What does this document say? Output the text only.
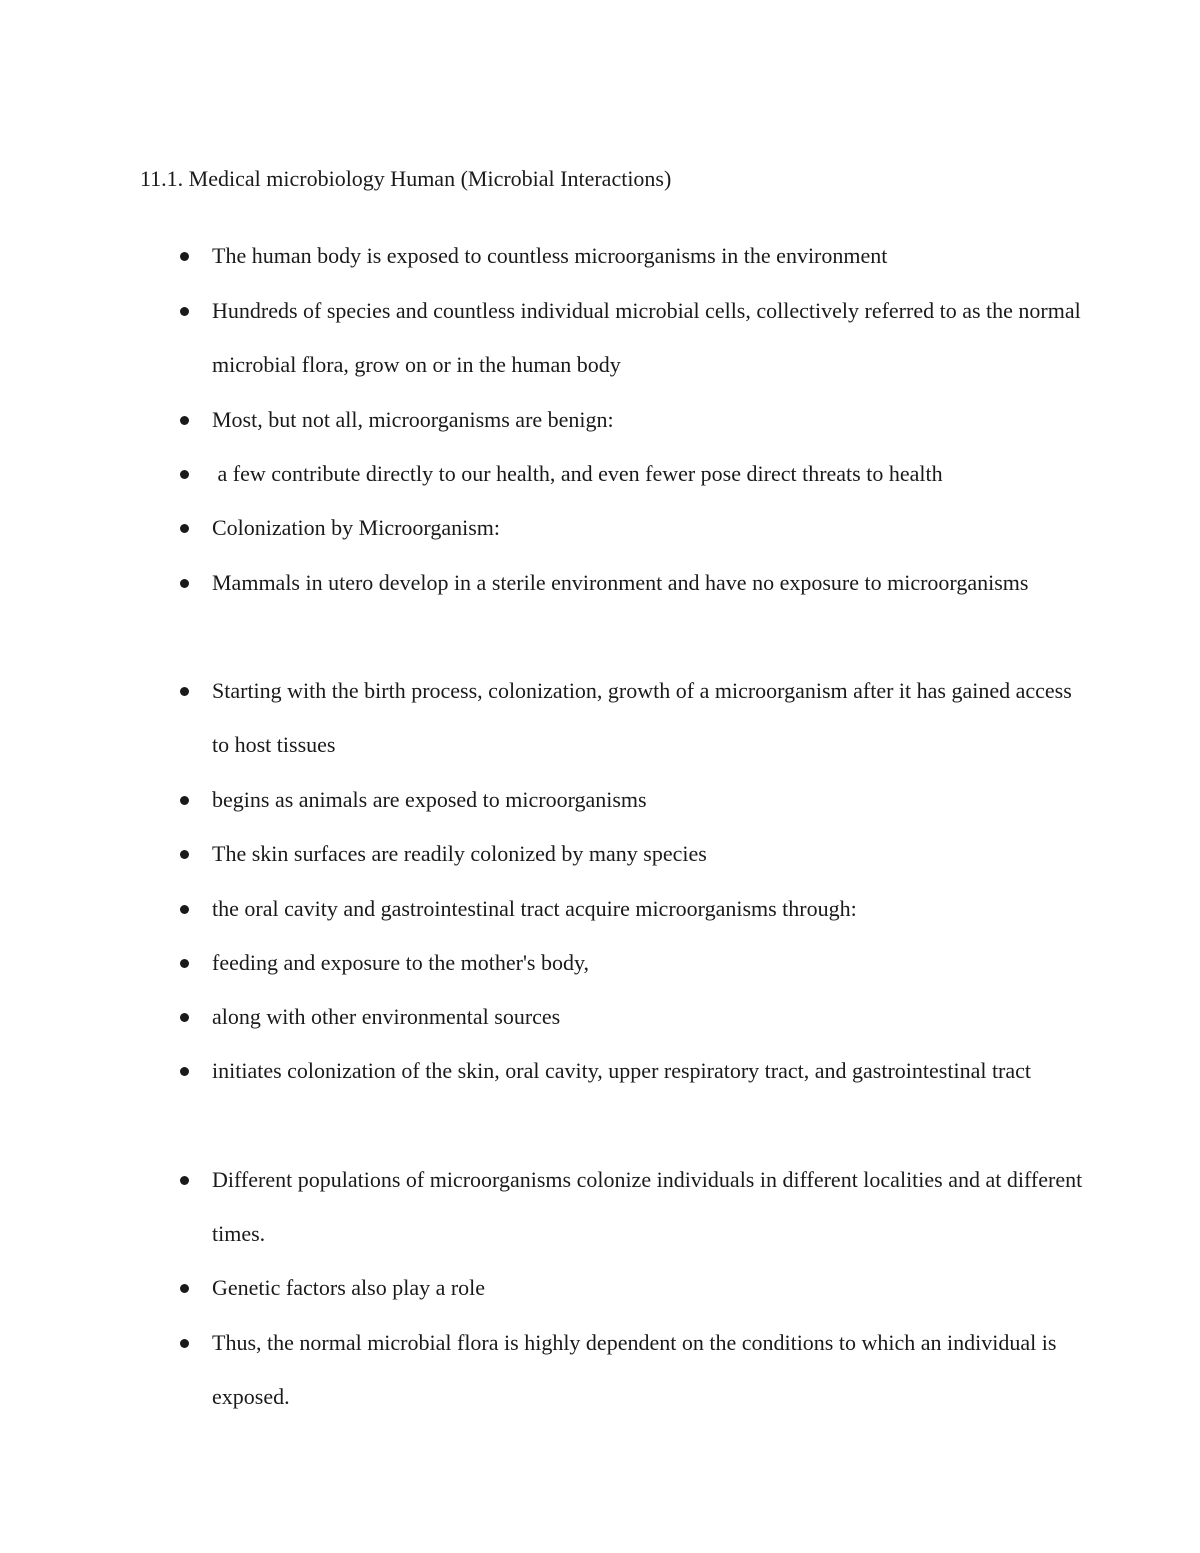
11.1. Medical microbiology Human (Microbial Interactions)

The human body is exposed to countless microorganisms in the environment
Hundreds of species and countless individual microbial cells, collectively referred to as the normal microbial flora, grow on or in the human body
Most, but not all, microorganisms are benign:
a few contribute directly to our health, and even fewer pose direct threats to health
Colonization by Microorganism:
Mammals in utero develop in a sterile environment and have no exposure to microorganisms
Starting with the birth process, colonization, growth of a microorganism after it has gained access to host tissues
begins as animals are exposed to microorganisms
The skin surfaces are readily colonized by many species
the oral cavity and gastrointestinal tract acquire microorganisms through:
feeding and exposure to the mother's body,
along with other environmental sources
initiates colonization of the skin, oral cavity, upper respiratory tract, and gastrointestinal tract
Different populations of microorganisms colonize individuals in different localities and at different times.
Genetic factors also play a role
Thus, the normal microbial flora is highly dependent on the conditions to which an individual is exposed.
